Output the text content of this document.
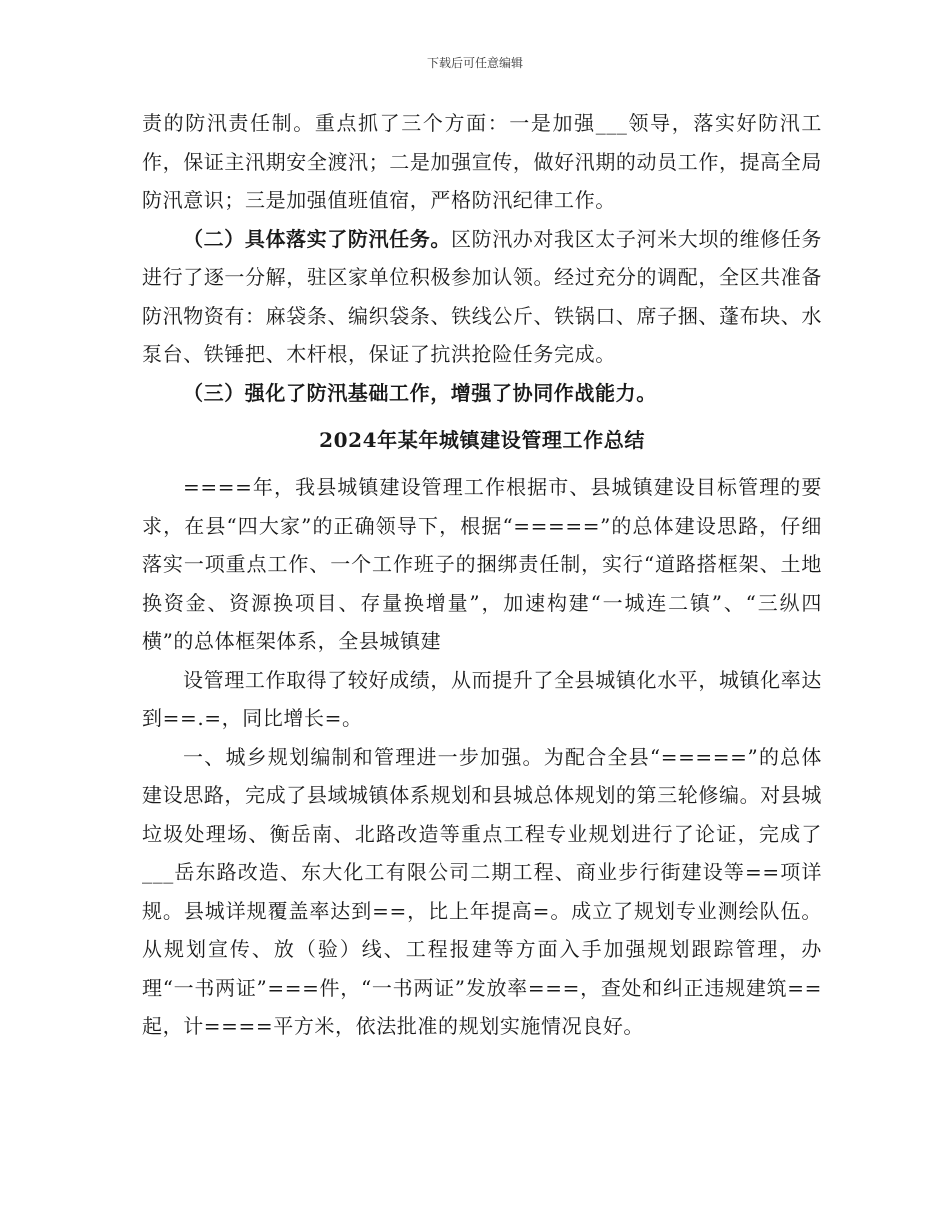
下载后可任意编辑

责的防汛责任制。重点抓了三个方面：一是加强___领导，落实好防汛工作，保证主汛期安全渡汛；二是加强宣传，做好汛期的动员工作，提高全局防汛意识；三是加强值班值宿，严格防汛纪律工作。

（二）具体落实了防汛任务。区防汛办对我区太子河米大坝的维修任务进行了逐一分解，驻区家单位积极参加认领。经过充分的调配，全区共准备防汛物资有：麻袋条、编织袋条、铁线公斤、铁锅口、席子捆、蓬布块、水泵台、铁锤把、木杆根，保证了抗洪抢险任务完成。

（三）强化了防汛基础工作，增强了协同作战能力。

2024年某年城镇建设管理工作总结

====年，我县城镇建设管理工作根据市、县城镇建设目标管理的要求，在县“四大家”的正确领导下，根据“=====”的总体建设思路，仔细落实一项重点工作、一个工作班子的捆绑责任制，实行“道路搭框架、土地换资金、资源换项目、存量换增量”，加速构建“一城连二镇”、“三纵四横”的总体框架体系，全县城镇建

设管理工作取得了较好成绩，从而提升了全县城镇化水平，城镇化率达到==.=，同比增长=。

一、城乡规划编制和管理进一步加强。为配合全县“=====”的总体建设思路，完成了县域城镇体系规划和县城总体规划的第三轮修编。对县城垃圾处理场、衡岳南、北路改造等重点工程专业规划进行了论证，完成了___岳东路改造、东大化工有限公司二期工程、商业步行街建设等==项详规。县城详规覆盖率达到==，比上年提高=。成立了规划专业测绘队伍。从规划宣传、放（验）线、工程报建等方面入手加强规划跟踪管理，办理“一书两证”===件，“一书两证”发放率===，查处和纠正违规建筑==起，计====平方米，依法批准的规划实施情况良好。
